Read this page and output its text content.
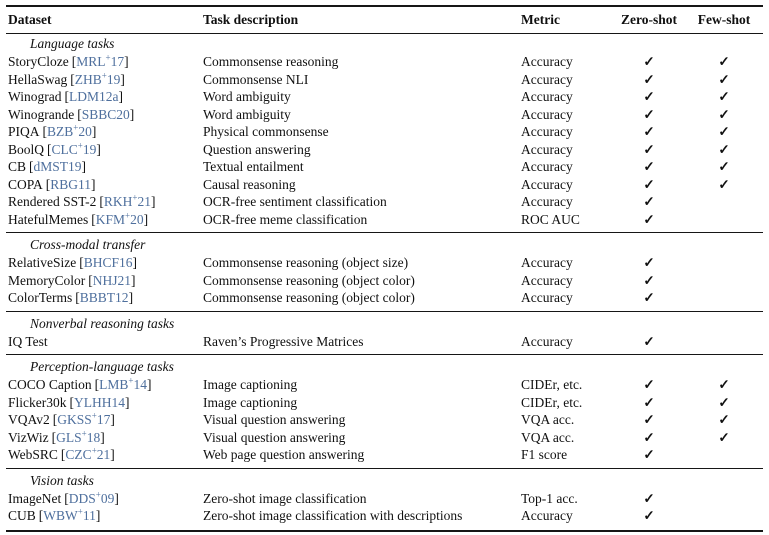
Dataset	Task description	Metric	Zero-shot	Few-shot
Language tasks
StoryCloze [MRL+17]	Commonsense reasoning	Accuracy	✓	✓
HellaSwag [ZHB+19]	Commonsense NLI	Accuracy	✓	✓
Winograd [LDM12a]	Word ambiguity	Accuracy	✓	✓
Winogrande [SBBC20]	Word ambiguity	Accuracy	✓	✓
PIQA [BZB+20]	Physical commonsense	Accuracy	✓	✓
BoolQ [CLC+19]	Question answering	Accuracy	✓	✓
CB [dMST19]	Textual entailment	Accuracy	✓	✓
COPA [RBG11]	Causal reasoning	Accuracy	✓	✓
Rendered SST-2 [RKH+21]	OCR-free sentiment classification	Accuracy	✓
HatefulMemes [KFM+20]	OCR-free meme classification	ROC AUC	✓
Cross-modal transfer
RelativeSize [BHCF16]	Commonsense reasoning (object size)	Accuracy	✓
MemoryColor [NHJ21]	Commonsense reasoning (object color)	Accuracy	✓
ColorTerms [BBBT12]	Commonsense reasoning (object color)	Accuracy	✓
Nonverbal reasoning tasks
IQ Test	Raven’s Progressive Matrices	Accuracy	✓
Perception-language tasks
COCO Caption [LMB+14]	Image captioning	CIDEr, etc.	✓	✓
Flicker30k [YLHH14]	Image captioning	CIDEr, etc.	✓	✓
VQAv2 [GKSS+17]	Visual question answering	VQA acc.	✓	✓
VizWiz [GLS+18]	Visual question answering	VQA acc.	✓	✓
WebSRC [CZC+21]	Web page question answering	F1 score	✓
Vision tasks
ImageNet [DDS+09]	Zero-shot image classification	Top-1 acc.	✓
CUB [WBW+11]	Zero-shot image classification with descriptions	Accuracy	✓
